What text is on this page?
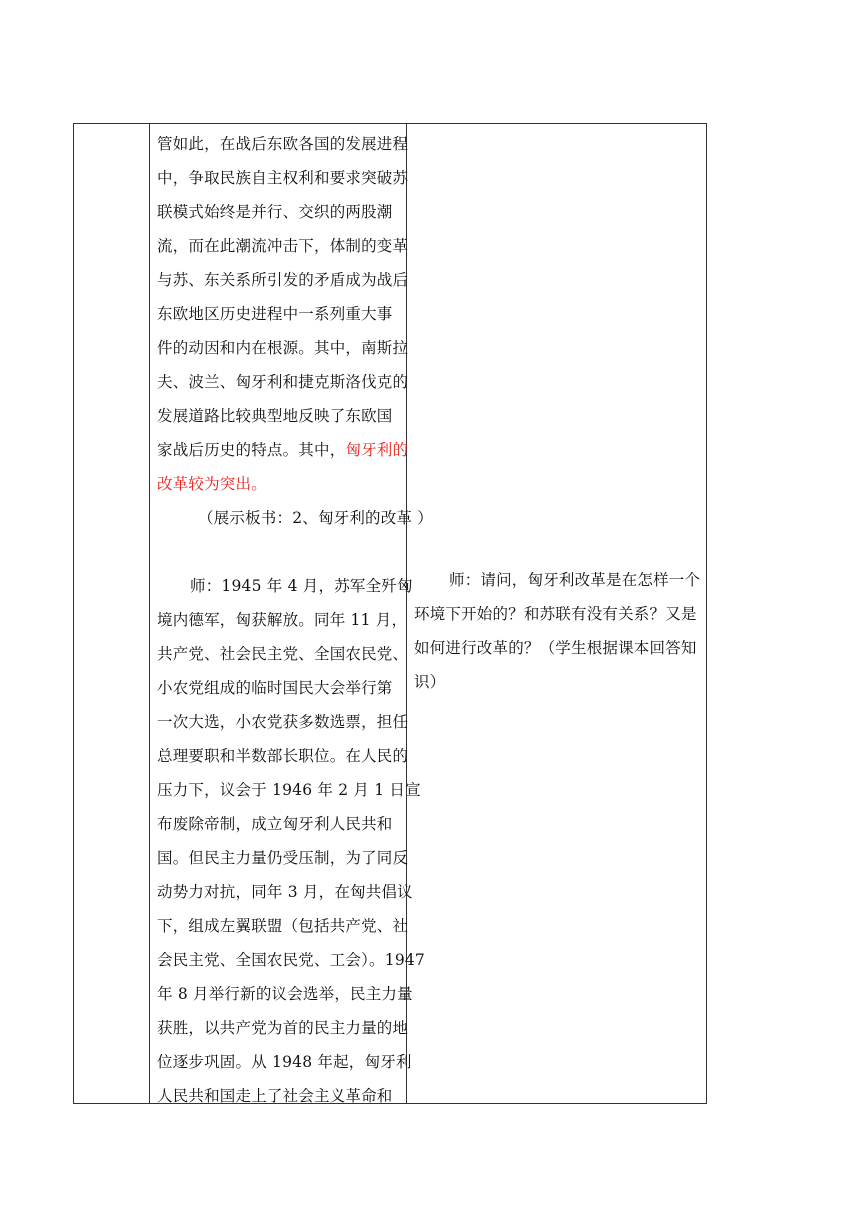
管如此，在战后东欧各国的发展进程
中，争取民族自主权利和要求突破苏
联模式始终是并行、交织的两股潮
流，而在此潮流冲击下，体制的变革
与苏、东关系所引发的矛盾成为战后
东欧地区历史进程中一系列重大事
件的动因和内在根源。其中，南斯拉
夫、波兰、匈牙利和捷克斯洛伐克的
发展道路比较典型地反映了东欧国
家战后历史的特点。其中，匈牙利的
改革较为突出。
（展示板书：2、匈牙利的改革 ）
师：1945 年 4 月，苏军全歼匈
境内德军，匈获解放。同年 11 月，
共产党、社会民主党、全国农民党、
小农党组成的临时国民大会举行第
一次大选，小农党获多数选票，担任
总理要职和半数部长职位。在人民的
压力下，议会于 1946 年 2 月 1 日宣
布废除帝制，成立匈牙利人民共和
国。但民主力量仍受压制，为了同反
动势力对抗，同年 3 月，在匈共倡议
下，组成左翼联盟（包括共产党、社
会民主党、全国农民党、工会）。1947
年 8 月举行新的议会选举，民主力量
获胜，以共产党为首的民主力量的地
位逐步巩固。从 1948 年起，匈牙利
人民共和国走上了社会主义革命和
师：请问，匈牙利改革是在怎样一个
环境下开始的？和苏联有没有关系？又是
如何进行改革的？（学生根据课本回答知
识）
